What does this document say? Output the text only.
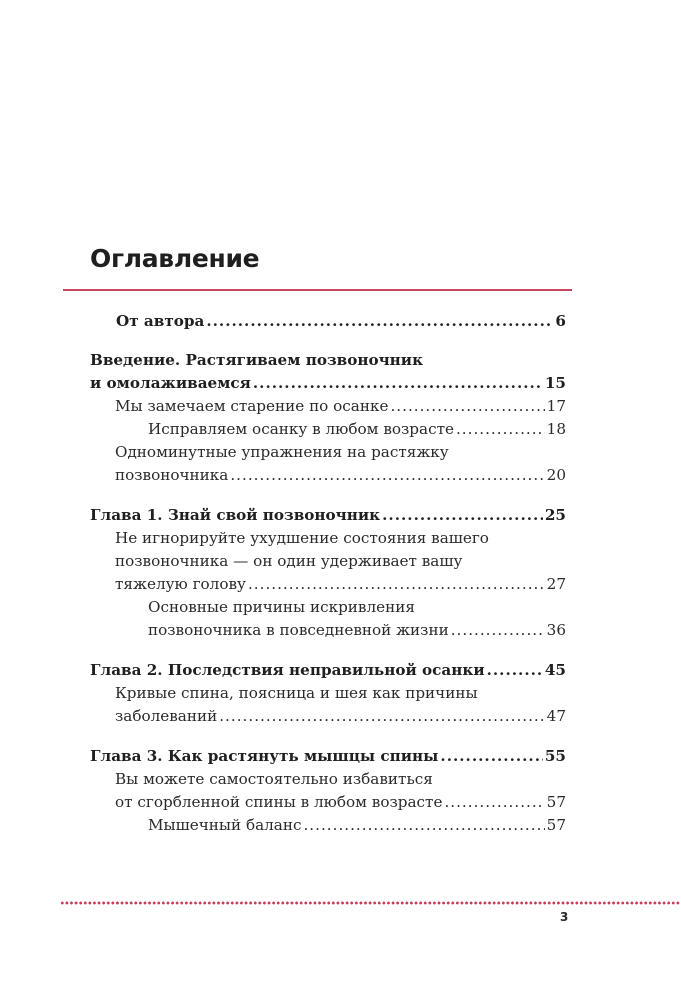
Оглавление
От автора .....	6
Введение. Растягиваем позвоночник
и омолаживаемся .....	15
Мы замечаем старение по осанке .....	17
Исправляем осанку в любом возрасте .....	18
Одноминутные упражнения на растяжку
позвоночника .....	20
Глава 1. Знай свой позвоночник .....	25
Не игнорируйте ухудшение состояния вашего
позвоночника — он один удерживает вашу
тяжелую голову .....	27
Основные причины искривления
позвоночника в повседневной жизни .....	36
Глава 2. Последствия неправильной осанки .....	45
Кривые спина, поясница и шея как причины
заболеваний .....	47
Глава 3. Как растянуть мышцы спины .....	55
Вы можете самостоятельно избавиться
от сгорбленной спины в любом возрасте .....	57
Мышечный баланс .....	57
3
